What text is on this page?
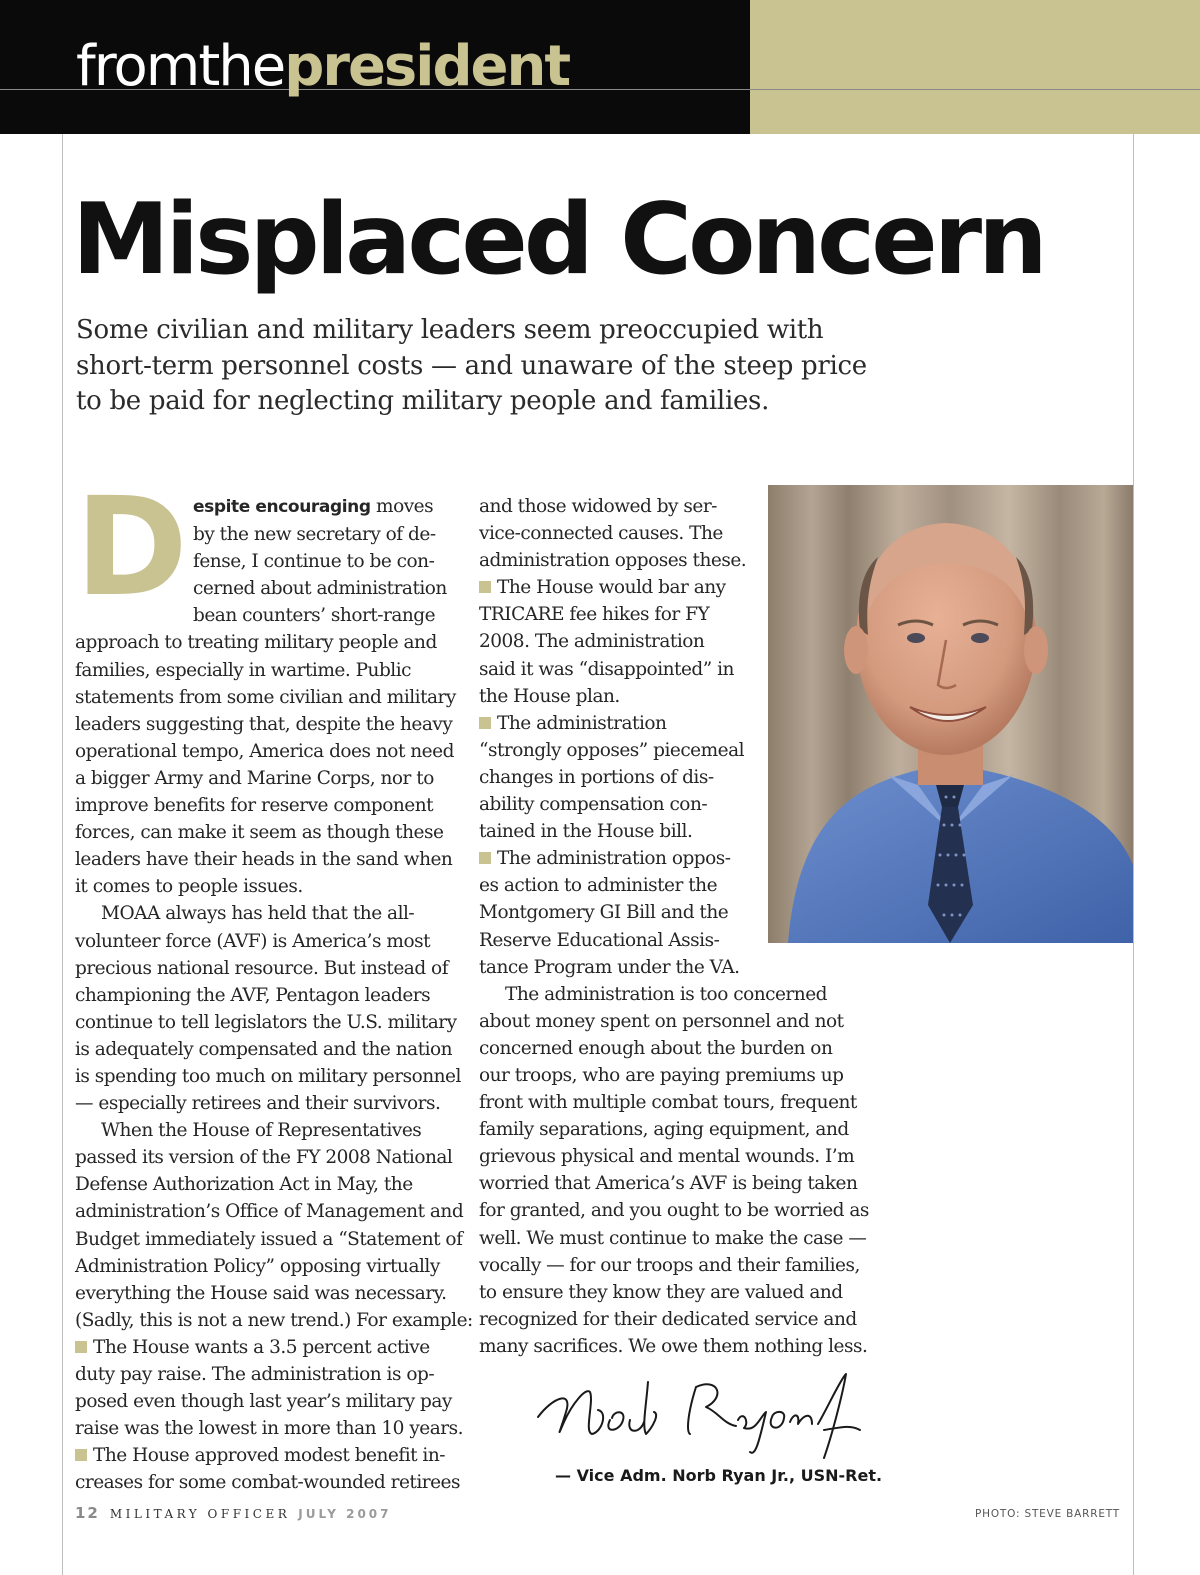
fromthepresident
Misplaced Concern
Some civilian and military leaders seem preoccupied with
short-term personnel costs — and unaware of the steep price
to be paid for neglecting military people and families.
D espite encouraging moves
by the new secretary of de-
fense, I continue to be con-
cerned about administration
bean counters’ short-range
approach to treating military people and
families, especially in wartime. Public
statements from some civilian and military
leaders suggesting that, despite the heavy
operational tempo, America does not need
a bigger Army and Marine Corps, nor to
improve benefits for reserve component
forces, can make it seem as though these
leaders have their heads in the sand when
it comes to people issues.

MOAA always has held that the all-
volunteer force (AVF) is America’s most
precious national resource. But instead of
championing the AVF, Pentagon leaders
continue to tell legislators the U.S. military
is adequately compensated and the nation
is spending too much on military personnel
— especially retirees and their survivors.

When the House of Representatives
passed its version of the FY 2008 National
Defense Authorization Act in May, the
administration’s Office of Management and
Budget immediately issued a “Statement of
Administration Policy” opposing virtually
everything the House said was necessary.
(Sadly, this is not a new trend.) For example:

The House wants a 3.5 percent active
duty pay raise. The administration is op-
posed even though last year’s military pay
raise was the lowest in more than 10 years.

The House approved modest benefit in-
creases for some combat-wounded retirees

and those widowed by ser-
vice-connected causes. The
administration opposes these.

The House would bar any
TRICARE fee hikes for FY
2008. The administration
said it was “disappointed” in
the House plan.

The administration
“strongly opposes” piecemeal
changes in portions of dis-
ability compensation con-
tained in the House bill.

The administration oppos-
es action to administer the
Montgomery GI Bill and the
Reserve Educational Assis-
tance Program under the VA.

The administration is too concerned
about money spent on personnel and not
concerned enough about the burden on
our troops, who are paying premiums up
front with multiple combat tours, frequent
family separations, aging equipment, and
grievous physical and mental wounds. I’m
worried that America’s AVF is being taken
for granted, and you ought to be worried as
well. We must continue to make the case —
vocally — for our troops and their families,
to ensure they know they are valued and
recognized for their dedicated service and
many sacrifices. We owe them nothing less.

— Vice Adm. Norb Ryan Jr., USN-Ret.

12 MILITARY OFFICER JULY 2007	PHOTO: STEVE BARRETT
